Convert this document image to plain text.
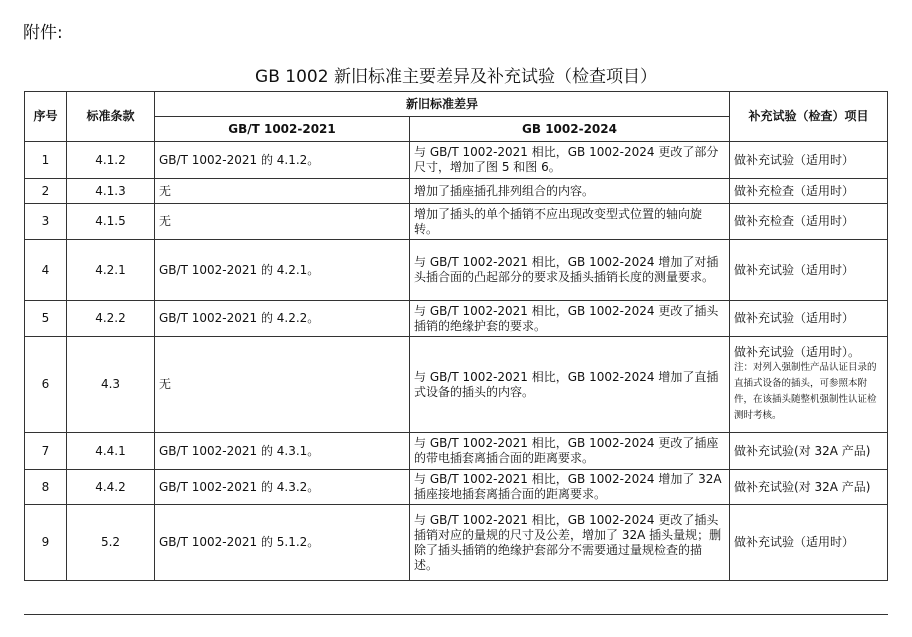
附件:
GB 1002 新旧标准主要差异及补充试验（检查项目）
序号	标准条款	新旧标准差异		补充试验（检查）项目
		GB/T 1002-2021	GB 1002-2024	
1	4.1.2	GB/T 1002-2021 的 4.1.2。	与 GB/T 1002-2021 相比，GB 1002-2024 更改了部分尺寸，增加了图 5 和图 6。	做补充试验（适用时）
2	4.1.3	无	增加了插座插孔排列组合的内容。	做补充检查（适用时）
3	4.1.5	无	增加了插头的单个插销不应出现改变型式位置的轴向旋转。	做补充检查（适用时）
4	4.2.1	GB/T 1002-2021 的 4.2.1。	与 GB/T 1002-2021 相比，GB 1002-2024 增加了对插头插合面的凸起部分的要求及插头插销长度的测量要求。	做补充试验（适用时）
5	4.2.2	GB/T 1002-2021 的 4.2.2。	与 GB/T 1002-2021 相比，GB 1002-2024 更改了插头插销的绝缘护套的要求。	做补充试验（适用时）
6	4.3	无	与 GB/T 1002-2021 相比，GB 1002-2024 增加了直插式设备的插头的内容。	做补充试验（适用时）。
注：对列入强制性产品认证目录的直插式设备的插头，可参照本附件，在该插头随整机强制性认证检测时考核。

7	4.4.1	GB/T 1002-2021 的 4.3.1。	与 GB/T 1002-2021 相比，GB 1002-2024 更改了插座的带电插套离插合面的距离要求。	做补充试验(对 32A 产品)
8	4.4.2	GB/T 1002-2021 的 4.3.2。	与 GB/T 1002-2021 相比，GB 1002-2024 增加了 32A 插座接地插套离插合面的距离要求。	做补充试验(对 32A 产品)
9	5.2	GB/T 1002-2021 的 5.1.2。	与 GB/T 1002-2021 相比，GB 1002-2024 更改了插头插销对应的量规的尺寸及公差，增加了 32A 插头量规；删除了插头插销的绝缘护套部分不需要通过量规检查的描述。	做补充试验（适用时）
